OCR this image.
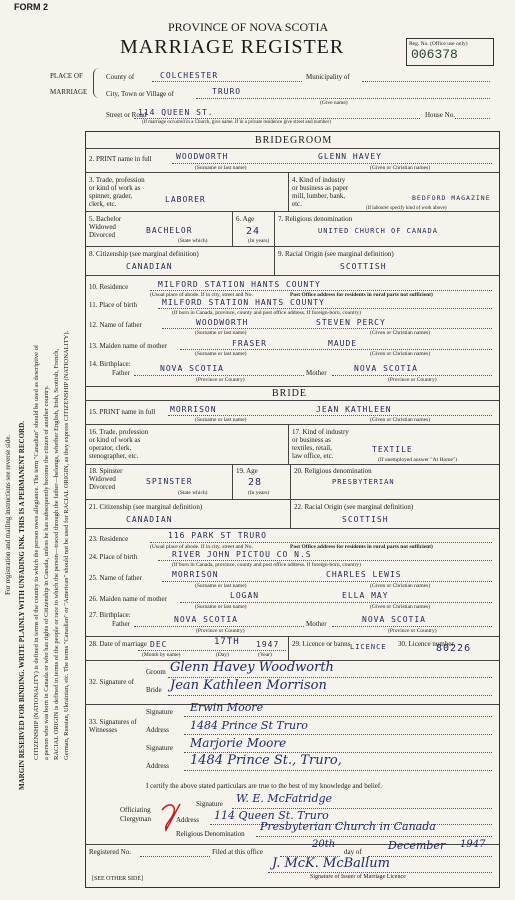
For registration and mailing instructions see reverse side. MARGIN RESERVED FOR BINDING. WRITE PLAINLY WITH UNFADING INK. THIS IS A PERMANENT RECORD. CITIZENSHIP (NATIONALITY) is defined in terms of the country to which the person owes allegiance. The term "Canadian" should be used as descriptive of a person who was born in Canada or who has rights of Citizenship in Canada, unless he has subsequently become the citizen of another country. RACIAL ORIGIN is defined in terms of the people or race to which the person—traced through the father—belongs, whether English, Irish, Scottish, French, German, Russian, Ukrainian, etc. The terms "Canadian" or "American" should not be used for RACIAL ORIGIN, as they express CITIZENSHIP (NATIONALITY).
FORM 2
PROVINCE OF NOVA SCOTIA
MARRIAGE REGISTER	Reg. No. (Office use only)
006378
PLACE OF
MARRIAGE
County of	COLCHESTER	Municipality of
City, Town or Village of	TRURO
(Give name)
Street or Road
114 QUEEN ST.	House No.
(If marriage occurred in a Church, give name. If in a private residence give street and number)
BRIDEGROOM
2. PRINT name in full	WOODWORTH	GLENN HAVEY
(Surname or last name)	(Given or Christian names)
3. Trade, profession
or kind of work as
spinner, grader,
clerk, etc.	LABORER
4. Kind of industry
or business as paper
mill, lumber, bank,
etc.
BEDFORD MAGAZINE
(If labourer specify kind of work above)
5. Bachelor
Widowed
Divorced	BACHELOR
(State which)
6. Age
24
(In years)
7. Religious denomination
UNITED CHURCH OF CANADA
8. Citizenship (see marginal definition)
CANADIAN
9. Racial Origin (see marginal definition)
SCOTTISH
10. Residence	MILFORD STATION HANTS COUNTY
(Usual place of abode. If in city, street and No.	Post Office address for residents in rural parts not sufficient)
11. Place of birth	MILFORD STATION HANTS COUNTY
(If born in Canada, province, county and post office address. If foreign-born, country)
12. Name of father	WOODWORTH	STEVEN PERCY
(Surname or last name)	(Given or Christian names)
13. Maiden name of mother	FRASER	MAUDE
(Surname or last name)	(Given or Christian names)
14. Birthplace:
Father	NOVA SCOTIA	Mother	NOVA SCOTIA
(Province or Country)	(Province or Country)
BRIDE
15. PRINT name in full MORRISON	JEAN KATHLEEN
(Surname or last name)	(Given or Christian names)
16. Trade, profession
or kind of work as
operator, clerk,
stenographer, etc.
17. Kind of industry
or business as
textiles, retail,
law office, etc.
TEXTILE
(If unemployed answer "At Home")
18. Spinster
Widowed
Divorced
SPINSTER
(State which)
19. Age
28
(In years)
20. Religious denomination
PRESBYTERIAN
21. Citizenship (see marginal definition)
CANADIAN
22. Racial Origin (see marginal definition)
SCOTTISH
23. Residence	116 PARK ST TRURO
(Usual place of abode. If in city, street and No.	Post Office address for residents in rural parts not sufficient)
24. Place of birth	RIVER JOHN PICTOU CO N.S
(If born in Canada, province, county and post office address. If foreign-born, country)
25. Name of father	MORRISON	CHARLES LEWIS
(Surname or last name)	(Given or Christian names)
26. Maiden name of mother	LOGAN	ELLA MAY
(Surname or last name)	(Given or Christian names)
27. Birthplace:
Father	NOVA SCOTIA	Mother	NOVA SCOTIA
(Province or Country)	(Province or Country)
28. Date of marriage DEC	17TH 1947
(Month by name)	(Day)	(Year)
29. Licence or banns LICENCE 30. Licence number
80226
32. Signature of
Groom Glenn Havey Woodworth
Bride Jean Kathleen Morrison
33. Signatures of Witnesses
Signature Erwin Moore
Address 1484 Prince St Truro
Signature Marjorie Moore
Address 1484 Prince St., Truro,
I certify the above stated particulars are true to the best of my knowledge and belief.
Signature W. E. McFatridge
Officiating Clergyman	Address 114 Queen St. Truro
Religious Denomination
Presbyterian Church in Canada
Registered No.	Filed at this office
20th
day of December 1947
J. McK. McBallum
Signature of Issuer of Marriage Licence
[SEE OTHER SIDE]
